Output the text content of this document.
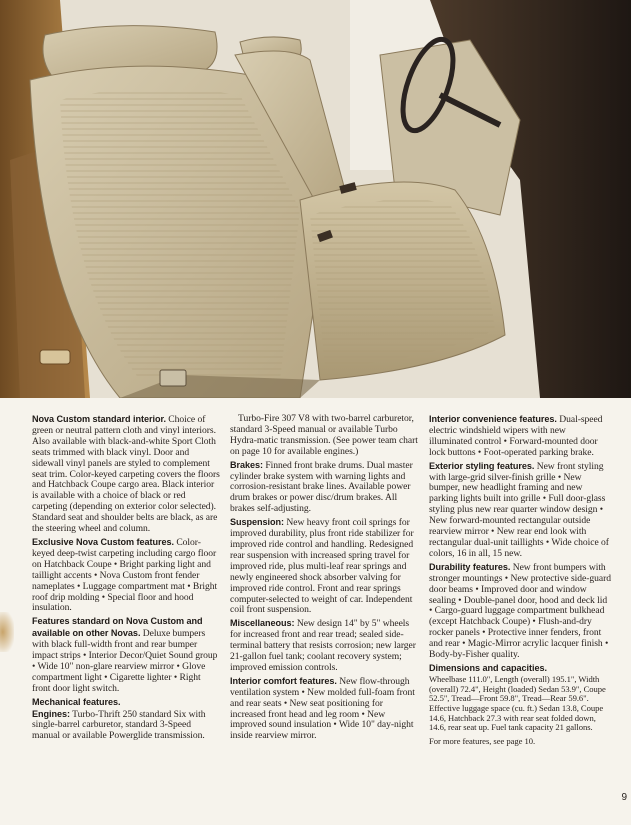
Nova Custom standard interior. Choice of green or neutral pattern cloth and vinyl interiors. Also available with black-and-white Sport Cloth seats trimmed with black vinyl. Door and sidewall vinyl panels are styled to complement seat trim. Color-keyed carpeting covers the floors and Hatchback Coupe cargo area. Black interior is available with a choice of black or red carpeting (depending on exterior color selected). Standard seat and shoulder belts are black, as are the steering wheel and column.

Exclusive Nova Custom features. Color-keyed deep-twist carpeting including cargo floor on Hatchback Coupe • Bright parking light and taillight accents • Nova Custom front fender nameplates • Luggage compartment mat • Bright roof drip molding • Special floor and hood insulation.

Features standard on Nova Custom and available on other Novas. Deluxe bumpers with black full-width front and rear bumper impact strips • Interior Decor/Quiet Sound group • Wide 10" non-glare rearview mirror • Glove compartment light • Cigarette lighter • Right front door light switch.

Mechanical features.

Engines: Turbo-Thrift 250 standard Six with single-barrel carburetor, standard 3-Speed manual or available Powerglide transmission.

Turbo-Fire 307 V8 with two-barrel carburetor, standard 3-Speed manual or available Turbo Hydra-matic transmission. (See power team chart on page 10 for available engines.)

Brakes: Finned front brake drums. Dual master cylinder brake system with warning lights and corrosion-resistant brake lines. Available power drum brakes or power disc/drum brakes. All brakes self-adjusting.

Suspension: New heavy front coil springs for improved durability, plus front ride stabilizer for improved ride control and handling. Redesigned rear suspension with increased spring travel for improved ride, plus multi-leaf rear springs and newly engineered shock absorber valving for improved ride control. Front and rear springs computer-selected to weight of car. Independent coil front suspension.

Miscellaneous: New design 14" by 5" wheels for increased front and rear tread; sealed side-terminal battery that resists corrosion; new larger 21-gallon fuel tank; coolant recovery system; improved emission controls.

Interior comfort features. New flow-through ventilation system • New molded full-foam front and rear seats • New seat positioning for increased front head and leg room • New improved sound insulation • Wide 10" day-night inside rearview mirror.

Interior convenience features. Dual-speed electric windshield wipers with new illuminated control • Forward-mounted door lock buttons • Foot-operated parking brake.

Exterior styling features. New front styling with large-grid silver-finish grille • New bumper, new headlight framing and new parking lights built into grille • Full door-glass styling plus new rear quarter window design • New forward-mounted rectangular outside rearview mirror • New rear end look with rectangular dual-unit taillights • Wide choice of colors, 16 in all, 15 new.

Durability features. New front bumpers with stronger mountings • New protective side-guard door beams • Improved door and window sealing • Double-panel door, hood and deck lid • Cargo-guard luggage compartment bulkhead (except Hatchback Coupe) • Flush-and-dry rocker panels • Protective inner fenders, front and rear • Magic-Mirror acrylic lacquer finish • Body-by-Fisher quality.

Dimensions and capacities.

Wheelbase 111.0", Length (overall) 195.1", Width (overall) 72.4", Height (loaded) Sedan 53.9", Coupe 52.5", Tread—Front 59.8", Tread—Rear 59.6". Effective luggage space (cu. ft.) Sedan 13.8, Coupe 14.6, Hatchback 27.3 with rear seat folded down, 14.6, rear seat up. Fuel tank capacity 21 gallons.

For more features, see page 10.

9
